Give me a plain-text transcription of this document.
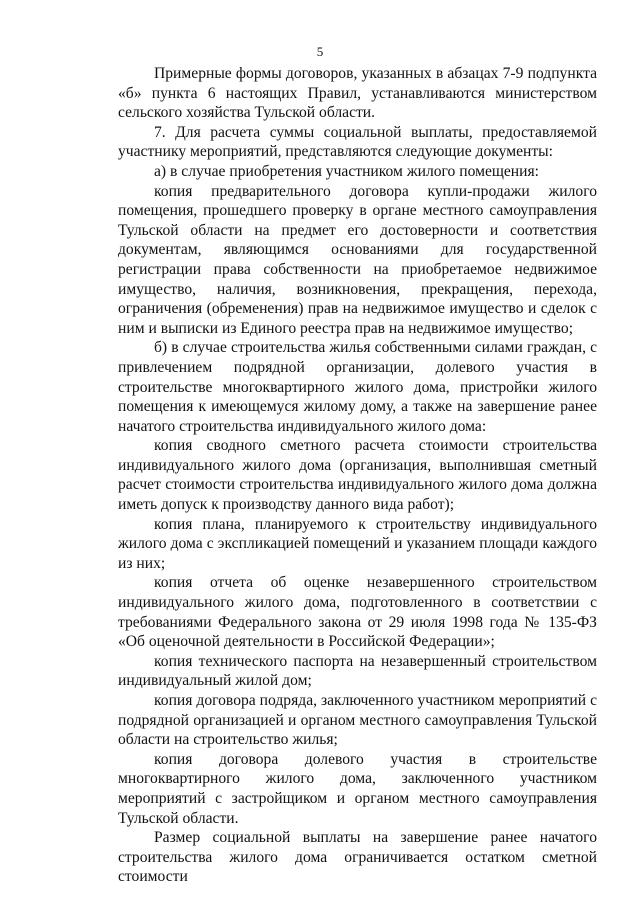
5

Примерные формы договоров, указанных в абзацах 7-9 подпункта «б» пункта 6 настоящих Правил, устанавливаются министерством сельского хозяйства Тульской области.

7. Для расчета суммы социальной выплаты, предоставляемой участнику мероприятий, представляются следующие документы:

а) в случае приобретения участником жилого помещения:

копия предварительного договора купли-продажи жилого помещения, прошедшего проверку в органе местного самоуправления Тульской области на предмет его достоверности и соответствия документам, являющимся основаниями для государственной регистрации права собственности на приобретаемое недвижимое имущество, наличия, возникновения, прекращения, перехода, ограничения (обременения) прав на недвижимое имущество и сделок с ним и выписки из Единого реестра прав на недвижимое имущество;

б) в случае строительства жилья собственными силами граждан, с привлечением подрядной организации, долевого участия в строительстве многоквартирного жилого дома, пристройки жилого помещения к имеющемуся жилому дому, а также на завершение ранее начатого строительства индивидуального жилого дома:

копия сводного сметного расчета стоимости строительства индивидуального жилого дома (организация, выполнившая сметный расчет стоимости строительства индивидуального жилого дома должна иметь допуск к производству данного вида работ);

копия плана, планируемого к строительству индивидуального жилого дома с экспликацией помещений и указанием площади каждого из них;

копия отчета об оценке незавершенного строительством индивидуального жилого дома, подготовленного в соответствии с требованиями Федерального закона от 29 июля 1998 года № 135-ФЗ «Об оценочной деятельности в Российской Федерации»;

копия технического паспорта на незавершенный строительством индивидуальный жилой дом;

копия договора подряда, заключенного участником мероприятий с подрядной организацией и органом местного самоуправления Тульской области на строительство жилья;

копия договора долевого участия в строительстве многоквартирного жилого дома, заключенного участником мероприятий с застройщиком и органом местного самоуправления Тульской области.

Размер социальной выплаты на завершение ранее начатого строительства жилого дома ограничивается остатком сметной стоимости
